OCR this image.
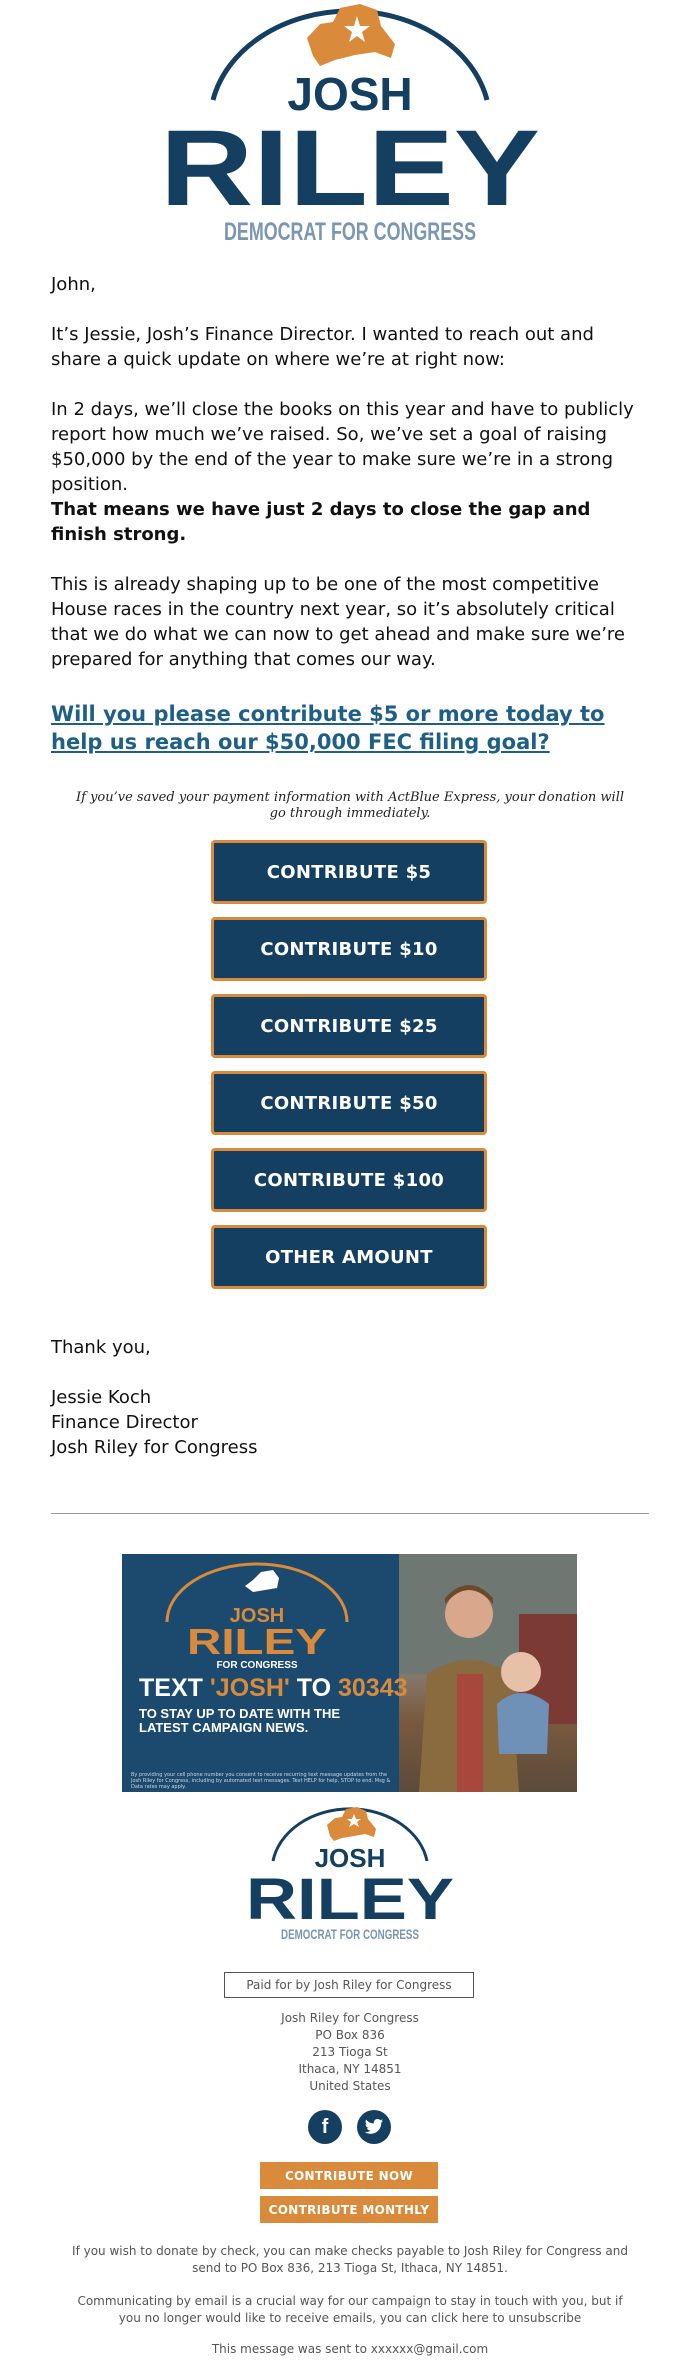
JOSH
RILEY
DEMOCRAT FOR CONGRESS
John,
It’s Jessie, Josh’s Finance Director. I wanted to reach out and share a quick update on where we’re at right now:
In 2 days, we’ll close the books on this year and have to publicly report how much we’ve raised. So, we’ve set a goal of raising $50,000 by the end of the year to make sure we’re in a strong position.
That means we have just 2 days to close the gap and finish strong.
This is already shaping up to be one of the most competitive House races in the country next year, so it’s absolutely critical that we do what we can now to get ahead and make sure we’re prepared for anything that comes our way.
Will you please contribute $5 or more today to help us reach our $50,000 FEC filing goal?
If you’ve saved your payment information with ActBlue Express, your donation will go through immediately.
CONTRIBUTE $5
CONTRIBUTE $10
CONTRIBUTE $25
CONTRIBUTE $50
CONTRIBUTE $100
OTHER AMOUNT
Thank you,
Jessie Koch
Finance Director
Josh Riley for Congress
JOSH
RILEY
FOR CONGRESS
TEXT 'JOSH' TO 30343
TO STAY UP TO DATE WITH THE
LATEST CAMPAIGN NEWS.
By providing your cell phone number you consent to receive recurring text message updates from the Josh Riley for Congress, including by automated text messages. Text HELP for help, STOP to end. Msg & Data rates may apply.
JOSH
RILEY
DEMOCRAT FOR CONGRESS
Paid for by Josh Riley for Congress
Josh Riley for Congress
PO Box 836
213 Tioga St
Ithaca, NY 14851
United States
f
CONTRIBUTE NOW
CONTRIBUTE MONTHLY
If you wish to donate by check, you can make checks payable to Josh Riley for Congress and send to PO Box 836, 213 Tioga St, Ithaca, NY 14851.
Communicating by email is a crucial way for our campaign to stay in touch with you, but if you no longer would like to receive emails, you can click here to unsubscribe
This message was sent to xxxxxx@gmail.com
